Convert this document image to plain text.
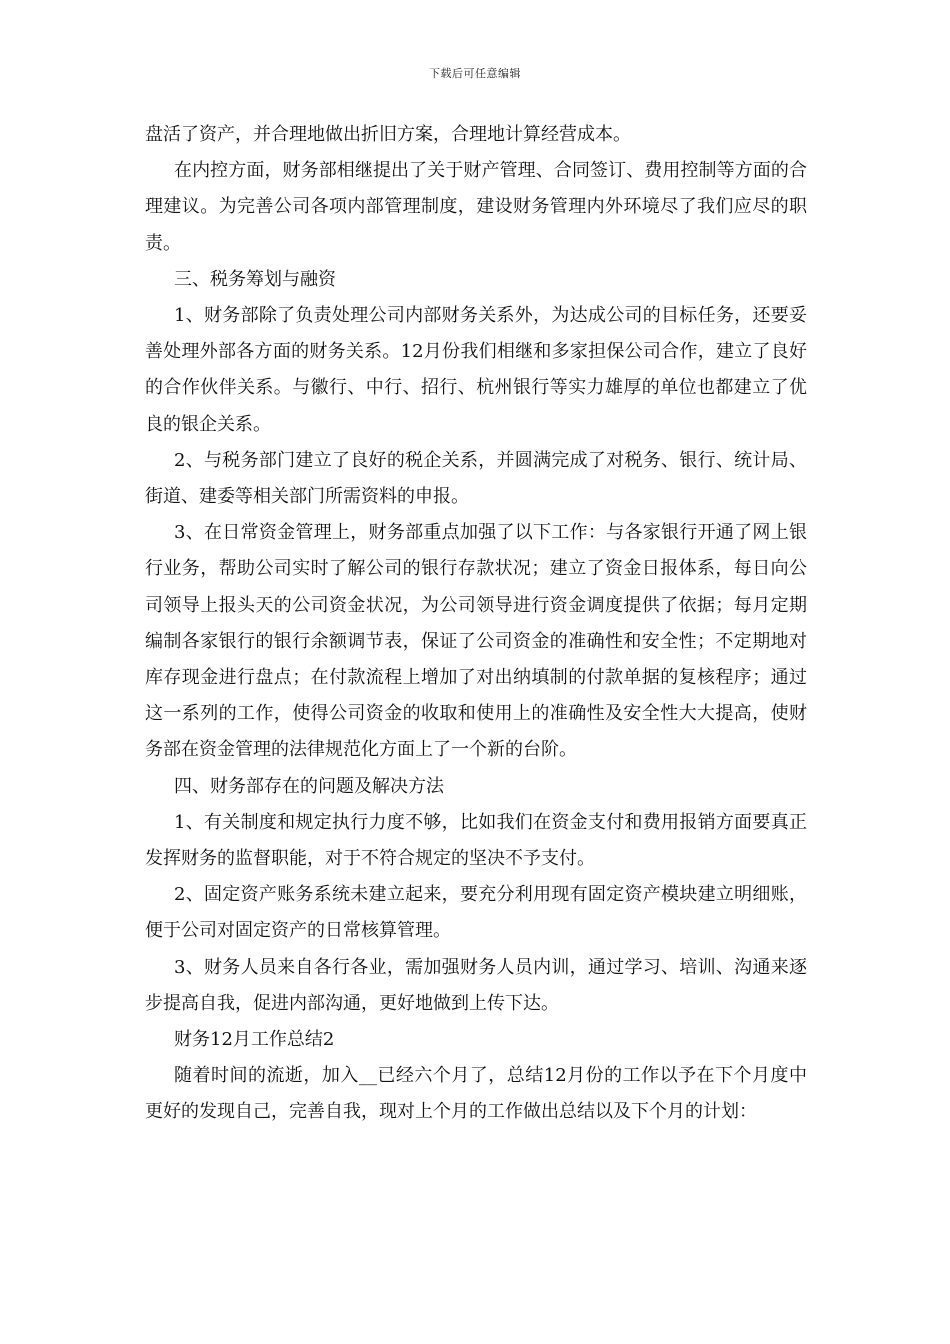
下载后可任意编辑

盘活了资产，并合理地做出折旧方案，合理地计算经营成本。

在内控方面，财务部相继提出了关于财产管理、合同签订、费用控制等方面的合理建议。为完善公司各项内部管理制度，建设财务管理内外环境尽了我们应尽的职责。

三、税务筹划与融资

1、财务部除了负责处理公司内部财务关系外，为达成公司的目标任务，还要妥善处理外部各方面的财务关系。12月份我们相继和多家担保公司合作，建立了良好的合作伙伴关系。与徽行、中行、招行、杭州银行等实力雄厚的单位也都建立了优良的银企关系。

2、与税务部门建立了良好的税企关系，并圆满完成了对税务、银行、统计局、街道、建委等相关部门所需资料的申报。

3、在日常资金管理上，财务部重点加强了以下工作：与各家银行开通了网上银行业务，帮助公司实时了解公司的银行存款状况；建立了资金日报体系，每日向公司领导上报头天的公司资金状况，为公司领导进行资金调度提供了依据；每月定期编制各家银行的银行余额调节表，保证了公司资金的准确性和安全性；不定期地对库存现金进行盘点；在付款流程上增加了对出纳填制的付款单据的复核程序；通过这一系列的工作，使得公司资金的收取和使用上的准确性及安全性大大提高，使财务部在资金管理的法律规范化方面上了一个新的台阶。

四、财务部存在的问题及解决方法

1、有关制度和规定执行力度不够，比如我们在资金支付和费用报销方面要真正发挥财务的监督职能，对于不符合规定的坚决不予支付。

2、固定资产账务系统未建立起来，要充分利用现有固定资产模块建立明细账，便于公司对固定资产的日常核算管理。

3、财务人员来自各行各业，需加强财务人员内训，通过学习、培训、沟通来逐步提高自我，促进内部沟通，更好地做到上传下达。

财务12月工作总结2

随着时间的流逝，加入__已经六个月了，总结12月份的工作以予在下个月度中更好的发现自己，完善自我，现对上个月的工作做出总结以及下个月的计划：
